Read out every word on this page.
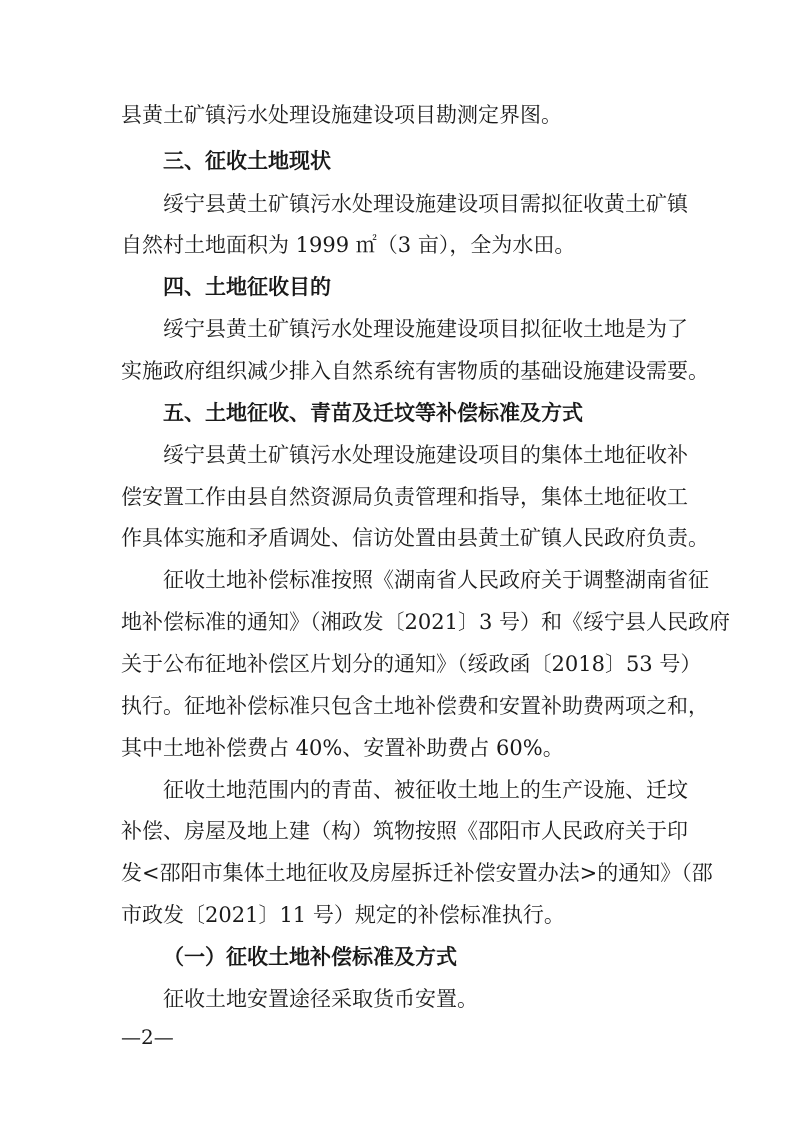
县黄土矿镇污水处理设施建设项目勘测定界图。
三、征收土地现状
绥宁县黄土矿镇污水处理设施建设项目需拟征收黄土矿镇
自然村土地面积为 1999 ㎡（3 亩），全为水田。
四、土地征收目的
绥宁县黄土矿镇污水处理设施建设项目拟征收土地是为了
实施政府组织减少排入自然系统有害物质的基础设施建设需要。
五、土地征收、青苗及迁坟等补偿标准及方式
绥宁县黄土矿镇污水处理设施建设项目的集体土地征收补
偿安置工作由县自然资源局负责管理和指导，集体土地征收工
作具体实施和矛盾调处、信访处置由县黄土矿镇人民政府负责。
征收土地补偿标准按照《湖南省人民政府关于调整湖南省征
地补偿标准的通知》（湘政发〔2021〕3 号）和《绥宁县人民政府
关于公布征地补偿区片划分的通知》（绥政函〔2018〕53 号）
执行。征地补偿标准只包含土地补偿费和安置补助费两项之和，
其中土地补偿费占 40%、安置补助费占 60%。
征收土地范围内的青苗、被征收土地上的生产设施、迁坟
补偿、房屋及地上建（构）筑物按照《邵阳市人民政府关于印
发<邵阳市集体土地征收及房屋拆迁补偿安置办法>的通知》（邵
市政发〔2021〕11 号）规定的补偿标准执行。
（一）征收土地补偿标准及方式
征收土地安置途径采取货币安置。
—2—
